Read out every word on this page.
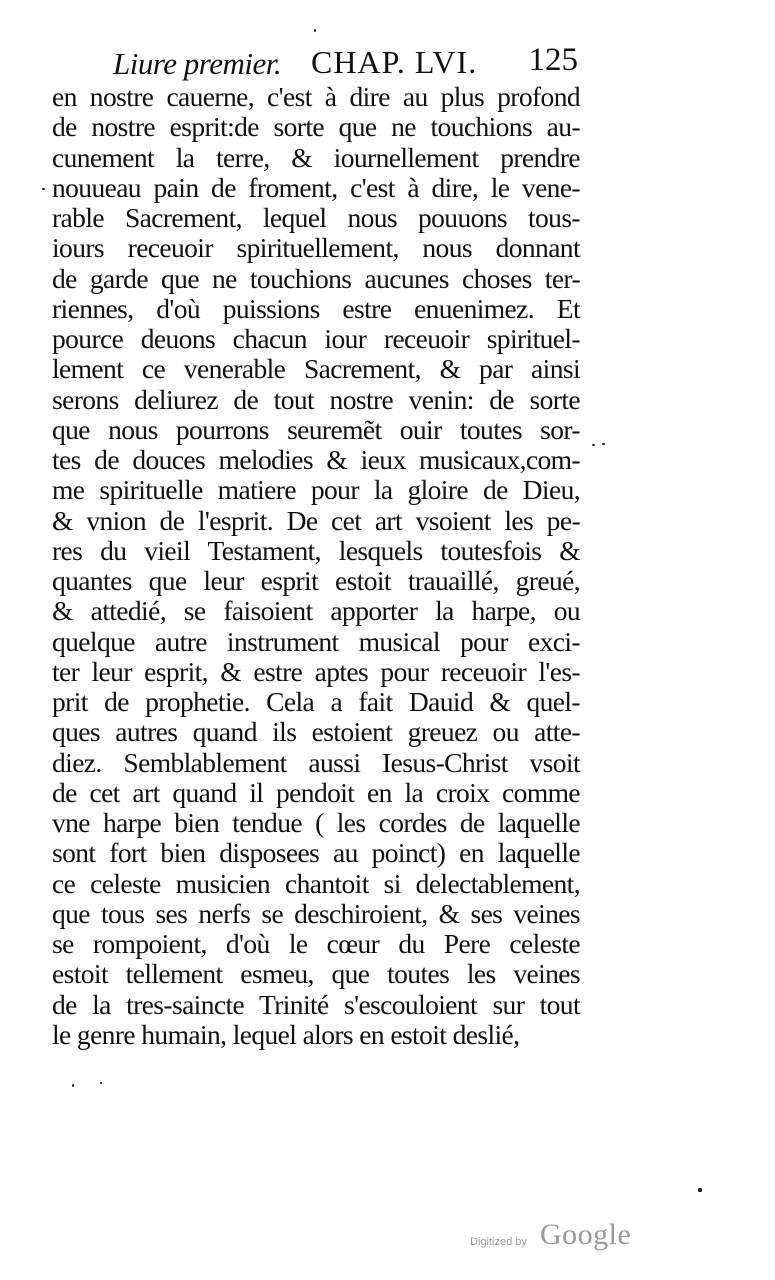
Liure premier. CHAP. LVI. 125
en nostre cauerne, c'est à dire au plus profond
de nostre esprit:de sorte que ne touchions au-
cunement la terre, & iournellement prendre
nouueau pain de froment, c'est à dire, le vene-
rable Sacrement, lequel nous pouuons tous-
iours receuoir spirituellement, nous donnant
de garde que ne touchions aucunes choses ter-
riennes, d'où puissions estre enuenimez. Et
pource deuons chacun iour receuoir spirituel-
lement ce venerable Sacrement, & par ainsi
serons deliurez de tout nostre venin: de sorte
que nous pourrons seuremẽt ouir toutes sor-
tes de douces melodies & ieux musicaux,com-
me spirituelle matiere pour la gloire de Dieu,
& vnion de l'esprit. De cet art vsoient les pe-
res du vieil Testament, lesquels toutesfois &
quantes que leur esprit estoit trauaillé, greué,
& attedié, se faisoient apporter la harpe, ou
quelque autre instrument musical pour exci-
ter leur esprit, & estre aptes pour receuoir l'es-
prit de prophetie. Cela a fait Dauid & quel-
ques autres quand ils estoient greuez ou atte-
diez. Semblablement aussi Iesus-Christ vsoit
de cet art quand il pendoit en la croix comme
vne harpe bien tendue ( les cordes de laquelle
sont fort bien disposees au poinct) en laquelle
ce celeste musicien chantoit si delectablement,
que tous ses nerfs se deschiroient, & ses veines
se rompoient, d'où le cœur du Pere celeste
estoit tellement esmeu, que toutes les veines
de la tres-saincte Trinité s'escouloient sur tout
le genre humain, lequel alors en estoit deslié,
Digitized by Google
